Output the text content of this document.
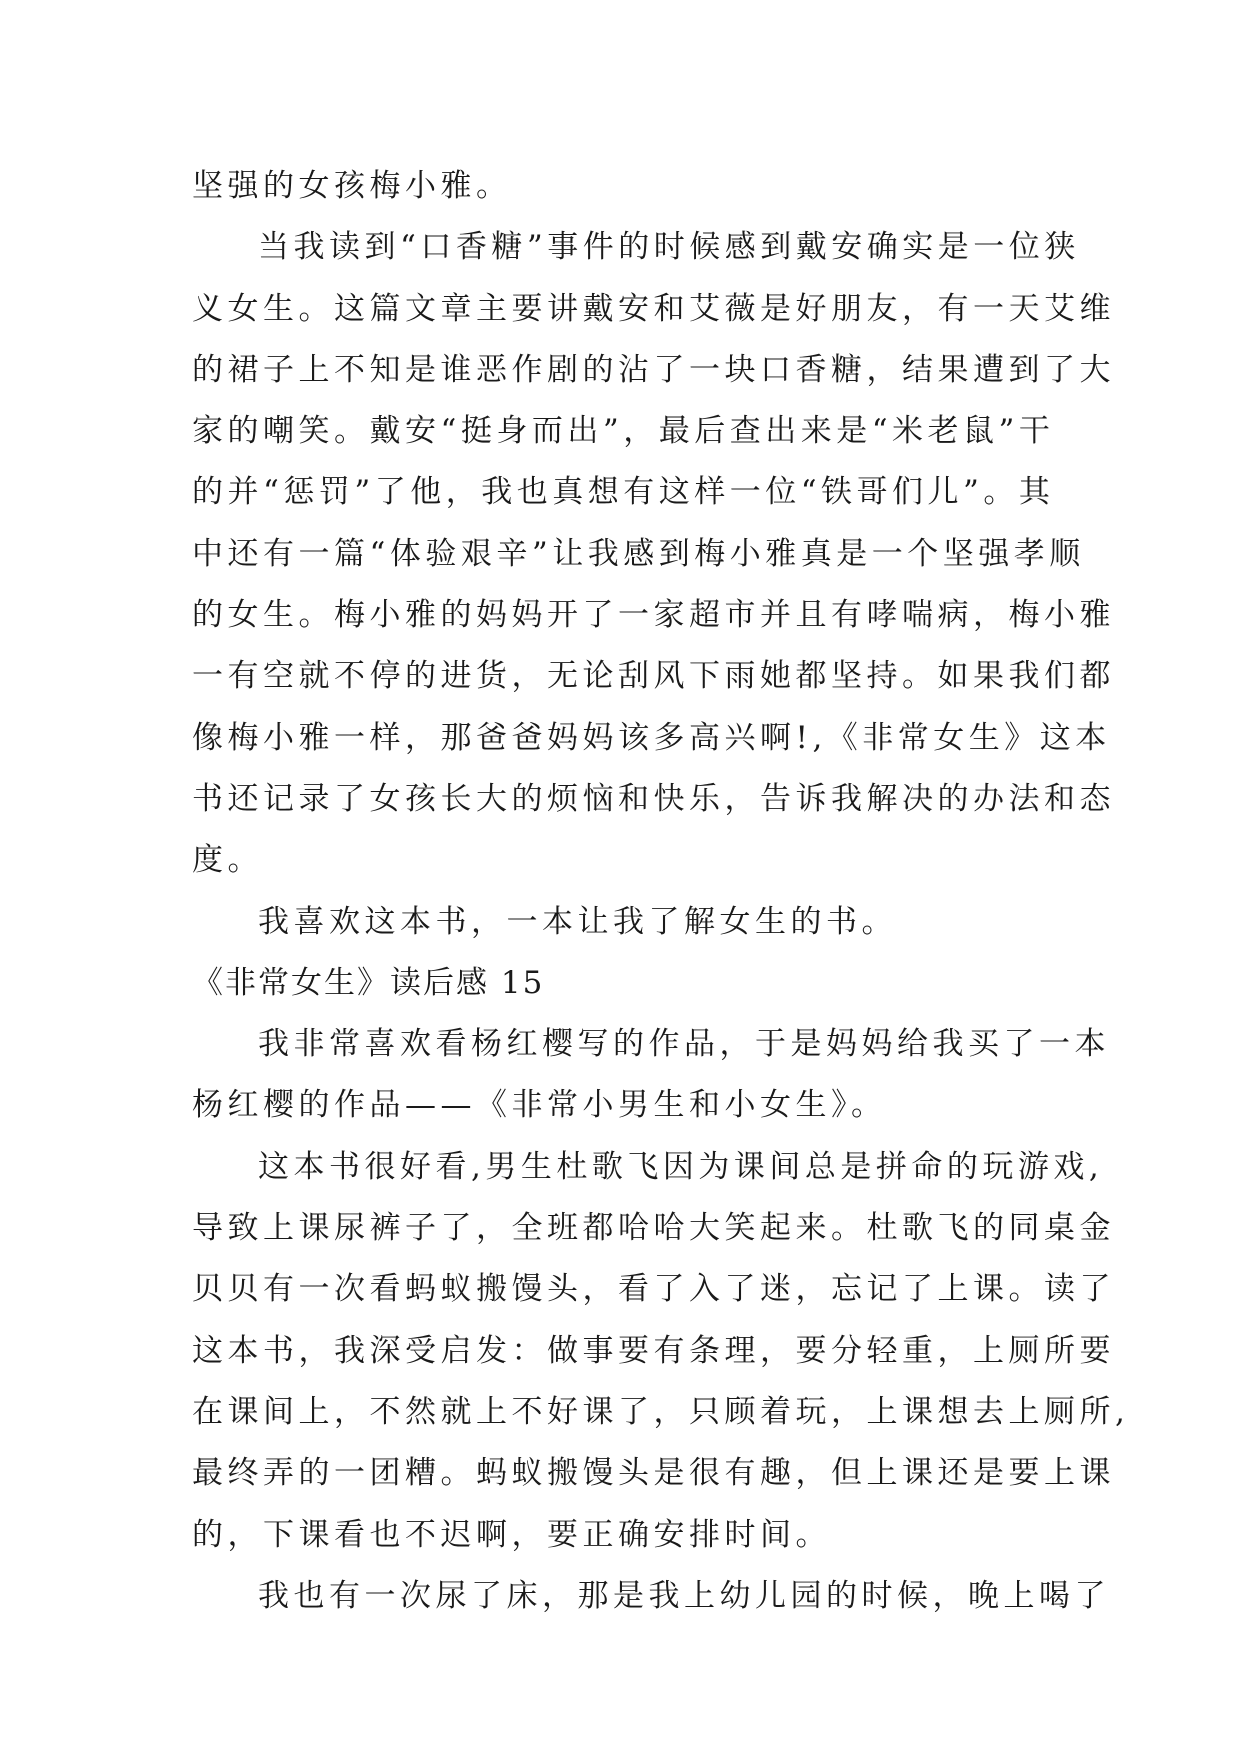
坚强的女孩梅小雅。
当我读到“口香糖”事件的时候感到戴安确实是一位狭
义女生。这篇文章主要讲戴安和艾薇是好朋友，有一天艾维
的裙子上不知是谁恶作剧的沾了一块口香糖，结果遭到了大
家的嘲笑。戴安“挺身而出”，最后查出来是“米老鼠”干
的并“惩罚”了他，我也真想有这样一位“铁哥们儿”。其
中还有一篇“体验艰辛”让我感到梅小雅真是一个坚强孝顺
的女生。梅小雅的妈妈开了一家超市并且有哮喘病，梅小雅
一有空就不停的进货，无论刮风下雨她都坚持。如果我们都
像梅小雅一样，那爸爸妈妈该多高兴啊!,《非常女生》这本
书还记录了女孩长大的烦恼和快乐，告诉我解决的办法和态
度。
我喜欢这本书，一本让我了解女生的书。
《非常女生》读后感 15
我非常喜欢看杨红樱写的作品，于是妈妈给我买了一本
杨红樱的作品——《非常小男生和小女生》。
这本书很好看,男生杜歌飞因为课间总是拼命的玩游戏,
导致上课尿裤子了，全班都哈哈大笑起来。杜歌飞的同桌金
贝贝有一次看蚂蚁搬馒头，看了入了迷，忘记了上课。读了
这本书，我深受启发：做事要有条理，要分轻重，上厕所要
在课间上，不然就上不好课了，只顾着玩，上课想去上厕所,
最终弄的一团糟。蚂蚁搬馒头是很有趣，但上课还是要上课
的，下课看也不迟啊，要正确安排时间。
我也有一次尿了床，那是我上幼儿园的时候，晚上喝了
